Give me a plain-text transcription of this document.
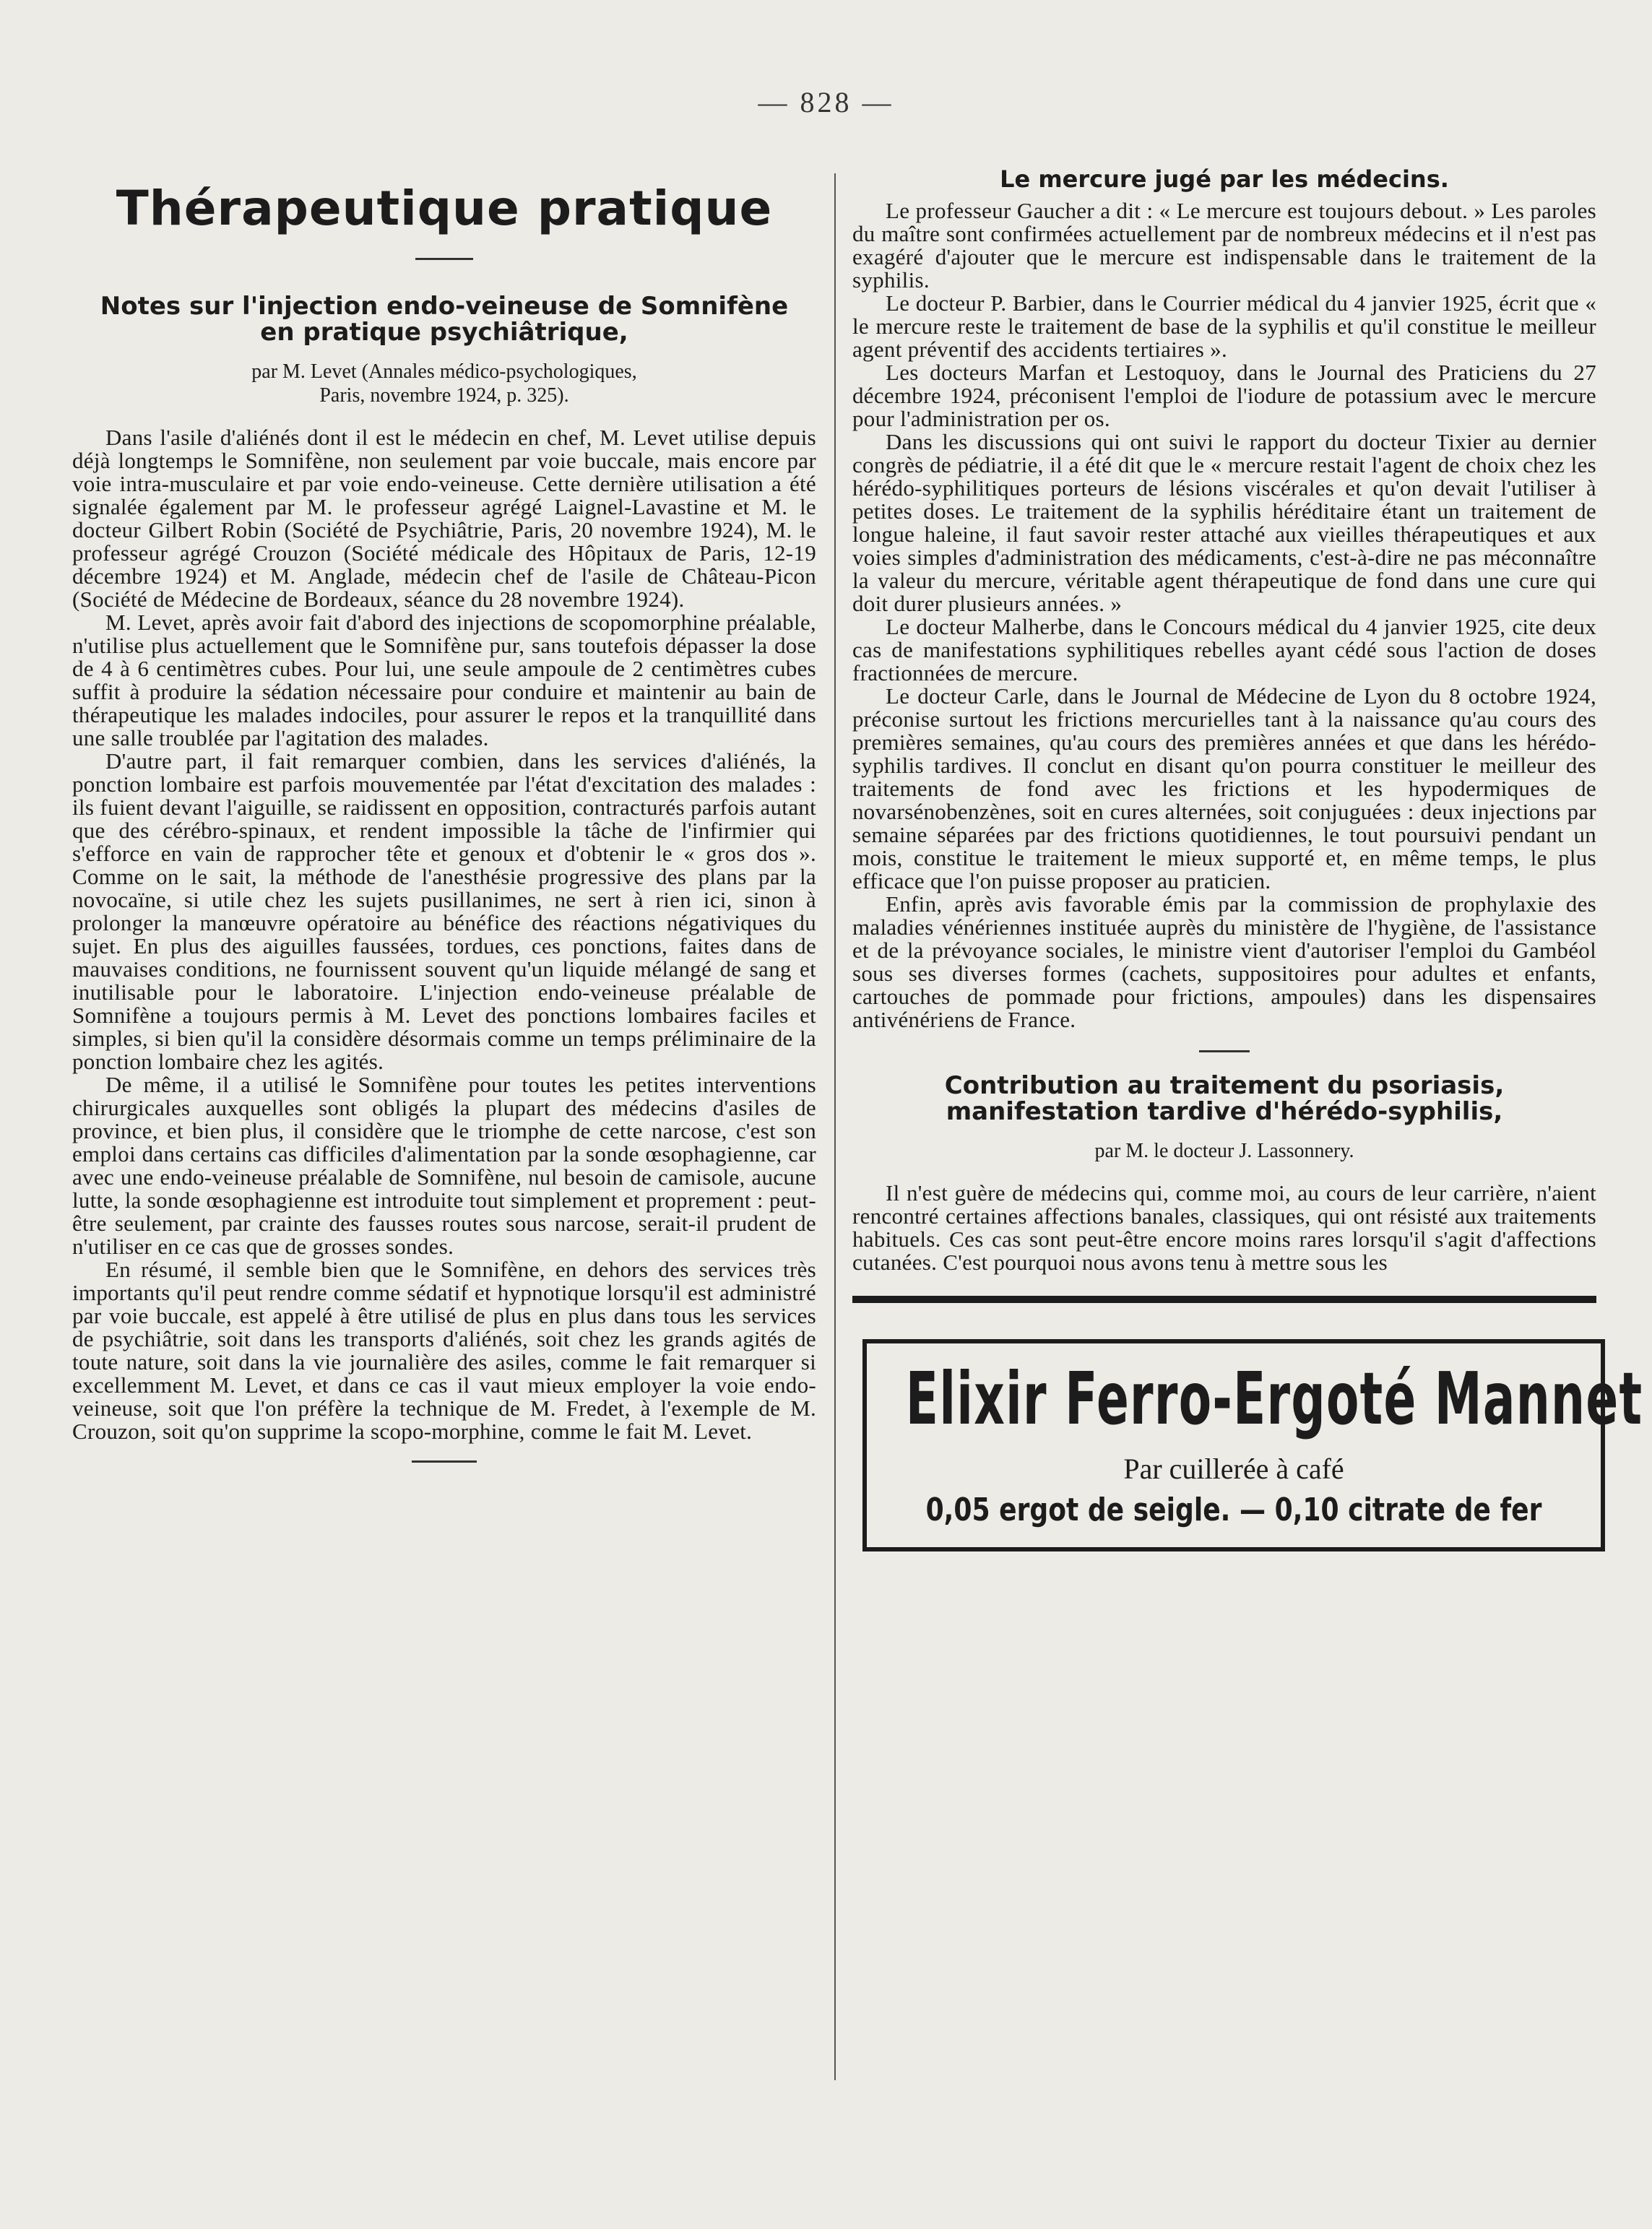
— 828 —
Thérapeutique pratique
Notes sur l'injection endo-veineuse de Somnifène
en pratique psychiâtrique,
par M. Levet (Annales médico-psychologiques,
Paris, novembre 1924, p. 325).

Dans l'asile d'aliénés dont il est le médecin en chef, M. Levet utilise depuis déjà longtemps le Somnifène, non seulement par voie buccale, mais encore par voie intra-musculaire et par voie endo-veineuse. Cette dernière utilisation a été signalée également par M. le professeur agrégé Laignel-Lavastine et M. le docteur Gilbert Robin (Société de Psychiâtrie, Paris, 20 novembre 1924), M. le professeur agrégé Crouzon (Société médicale des Hôpitaux de Paris, 12-19 décembre 1924) et M. Anglade, médecin chef de l'asile de Château-Picon (Société de Médecine de Bordeaux, séance du 28 novembre 1924).

M. Levet, après avoir fait d'abord des injections de scopomorphine préalable, n'utilise plus actuellement que le Somnifène pur, sans toutefois dépasser la dose de 4 à 6 centimètres cubes. Pour lui, une seule ampoule de 2 centimètres cubes suffit à produire la sédation nécessaire pour conduire et maintenir au bain de thérapeutique les malades indociles, pour assurer le repos et la tranquillité dans une salle troublée par l'agitation des malades.

D'autre part, il fait remarquer combien, dans les services d'aliénés, la ponction lombaire est parfois mouvementée par l'état d'excitation des malades : ils fuient devant l'aiguille, se raidissent en opposition, contracturés parfois autant que des cérébro-spinaux, et rendent impossible la tâche de l'infirmier qui s'efforce en vain de rapprocher tête et genoux et d'obtenir le « gros dos ». Comme on le sait, la méthode de l'anesthésie progressive des plans par la novocaïne, si utile chez les sujets pusillanimes, ne sert à rien ici, sinon à prolonger la manœuvre opératoire au bénéfice des réactions négativiques du sujet. En plus des aiguilles faussées, tordues, ces ponctions, faites dans de mauvaises conditions, ne fournissent souvent qu'un liquide mélangé de sang et inutilisable pour le laboratoire. L'injection endo-veineuse préalable de Somnifène a toujours permis à M. Levet des ponctions lombaires faciles et simples, si bien qu'il la considère désormais comme un temps préliminaire de la ponction lombaire chez les agités.

De même, il a utilisé le Somnifène pour toutes les petites interventions chirurgicales auxquelles sont obligés la plupart des médecins d'asiles de province, et bien plus, il considère que le triomphe de cette narcose, c'est son emploi dans certains cas difficiles d'alimentation par la sonde œsophagienne, car avec une endo-veineuse préalable de Somnifène, nul besoin de camisole, aucune lutte, la sonde œsophagienne est introduite tout simplement et proprement : peut-être seulement, par crainte des fausses routes sous narcose, serait-il prudent de n'utiliser en ce cas que de grosses sondes.

En résumé, il semble bien que le Somnifène, en dehors des services très importants qu'il peut rendre comme sédatif et hypnotique lorsqu'il est administré par voie buccale, est appelé à être utilisé de plus en plus dans tous les services de psychiâtrie, soit dans les transports d'aliénés, soit chez les grands agités de toute nature, soit dans la vie journalière des asiles, comme le fait remarquer si excellemment M. Levet, et dans ce cas il vaut mieux employer la voie endo-veineuse, soit que l'on préfère la technique de M. Fredet, à l'exemple de M. Crouzon, soit qu'on supprime la scopo-morphine, comme le fait M. Levet.

Le mercure jugé par les médecins.

Le professeur Gaucher a dit : « Le mercure est toujours debout. » Les paroles du maître sont confirmées actuellement par de nombreux médecins et il n'est pas exagéré d'ajouter que le mercure est indispensable dans le traitement de la syphilis.

Le docteur P. Barbier, dans le Courrier médical du 4 janvier 1925, écrit que « le mercure reste le traitement de base de la syphilis et qu'il constitue le meilleur agent préventif des accidents tertiaires ».

Les docteurs Marfan et Lestoquoy, dans le Journal des Praticiens du 27 décembre 1924, préconisent l'emploi de l'iodure de potassium avec le mercure pour l'administration per os.

Dans les discussions qui ont suivi le rapport du docteur Tixier au dernier congrès de pédiatrie, il a été dit que le « mercure restait l'agent de choix chez les hérédo-syphilitiques porteurs de lésions viscérales et qu'on devait l'utiliser à petites doses. Le traitement de la syphilis héréditaire étant un traitement de longue haleine, il faut savoir rester attaché aux vieilles thérapeutiques et aux voies simples d'administration des médicaments, c'est-à-dire ne pas méconnaître la valeur du mercure, véritable agent thérapeutique de fond dans une cure qui doit durer plusieurs années. »

Le docteur Malherbe, dans le Concours médical du 4 janvier 1925, cite deux cas de manifestations syphilitiques rebelles ayant cédé sous l'action de doses fractionnées de mercure.

Le docteur Carle, dans le Journal de Médecine de Lyon du 8 octobre 1924, préconise surtout les frictions mercurielles tant à la naissance qu'au cours des premières semaines, qu'au cours des premières années et que dans les hérédo-syphilis tardives. Il conclut en disant qu'on pourra constituer le meilleur des traitements de fond avec les frictions et les hypodermiques de novarsénobenzènes, soit en cures alternées, soit conjuguées : deux injections par semaine séparées par des frictions quotidiennes, le tout poursuivi pendant un mois, constitue le traitement le mieux supporté et, en même temps, le plus efficace que l'on puisse proposer au praticien.

Enfin, après avis favorable émis par la commission de prophylaxie des maladies vénériennes instituée auprès du ministère de l'hygiène, de l'assistance et de la prévoyance sociales, le ministre vient d'autoriser l'emploi du Gambéol sous ses diverses formes (cachets, suppositoires pour adultes et enfants, cartouches de pommade pour frictions, ampoules) dans les dispensaires antivénériens de France.

Contribution au traitement du psoriasis,
manifestation tardive d'hérédo-syphilis,
par M. le docteur J. Lassonnery.

Il n'est guère de médecins qui, comme moi, au cours de leur carrière, n'aient rencontré certaines affections banales, classiques, qui ont résisté aux traitements habituels. Ces cas sont peut-être encore moins rares lorsqu'il s'agit d'affections cutanées. C'est pourquoi nous avons tenu à mettre sous les

Elixir Ferro-Ergoté Mannet
Par cuillerée à café
0,05 ergot de seigle. — 0,10 citrate de fer
